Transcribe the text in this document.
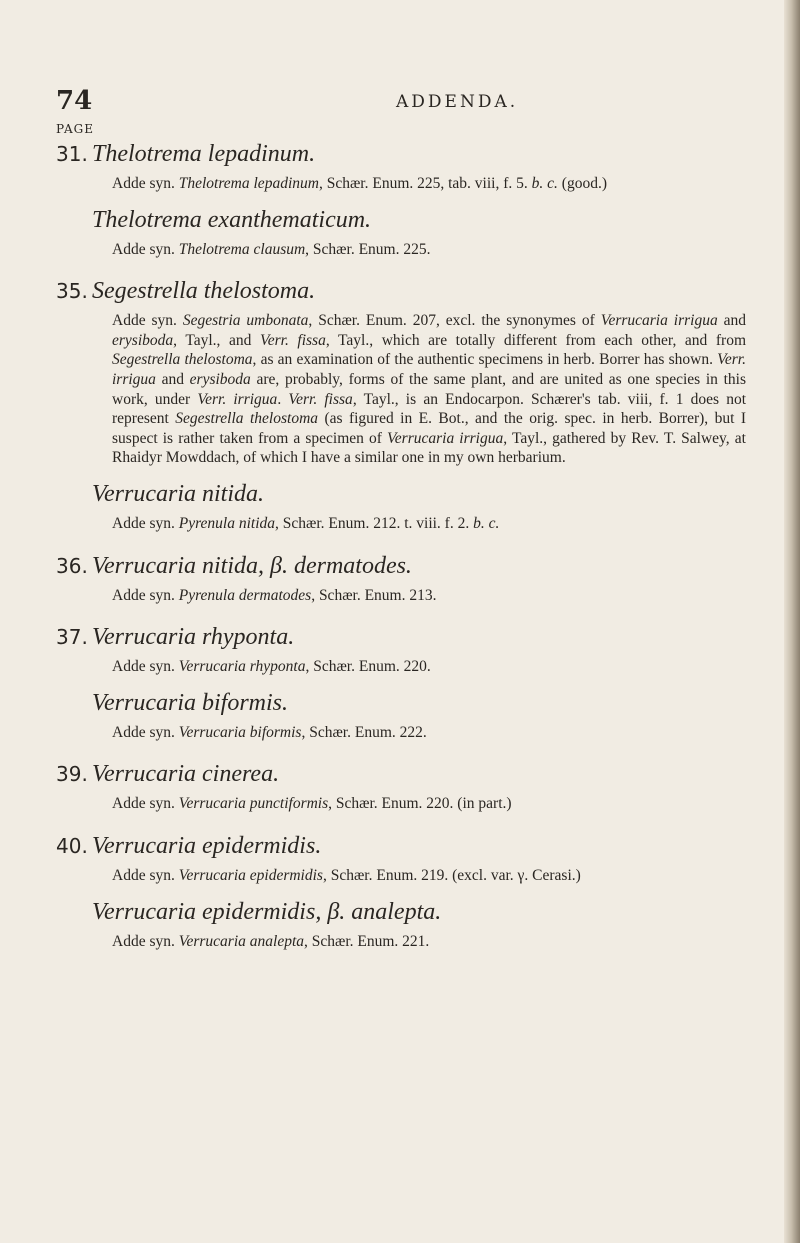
74	ADDENDA.
PAGE
31. Thelotrema lepadinum.
Adde syn. Thelotrema lepadinum, Schær. Enum. 225, tab. viii, f. 5. b. c. (good.)
Thelotrema exanthematicum.
Adde syn. Thelotrema clausum, Schær. Enum. 225.
35. Segestrella thelostoma.
Adde syn. Segestria umbonata, Schær. Enum. 207, excl. the synonymes of Verrucaria irrigua and erysiboda, Tayl., and Verr. fissa, Tayl., which are totally different from each other, and from Segestrella thelostoma, as an examination of the authentic specimens in herb. Borrer has shown. Verr. irrigua and erysiboda are, probably, forms of the same plant, and are united as one species in this work, under Verr. irrigua. Verr. fissa, Tayl., is an Endocarpon. Schærer's tab. viii, f. 1 does not represent Segestrella thelostoma (as figured in E. Bot., and the orig. spec. in herb. Borrer), but I suspect is rather taken from a specimen of Verrucaria irrigua, Tayl., gathered by Rev. T. Salwey, at Rhaidyr Mowddach, of which I have a similar one in my own herbarium.
Verrucaria nitida.
Adde syn. Pyrenula nitida, Schær. Enum. 212. t. viii. f. 2. b. c.
36. Verrucaria nitida, β. dermatodes.
Adde syn. Pyrenula dermatodes, Schær. Enum. 213.
37. Verrucaria rhyponta.
Adde syn. Verrucaria rhyponta, Schær. Enum. 220.
Verrucaria biformis.
Adde syn. Verrucaria biformis, Schær. Enum. 222.
39. Verrucaria cinerea.
Adde syn. Verrucaria punctiformis, Schær. Enum. 220. (in part.)
40. Verrucaria epidermidis.
Adde syn. Verrucaria epidermidis, Schær. Enum. 219. (excl. var. γ. Cerasi.)
Verrucaria epidermidis, β. analepta.
Adde syn. Verrucaria analepta, Schær. Enum. 221.
